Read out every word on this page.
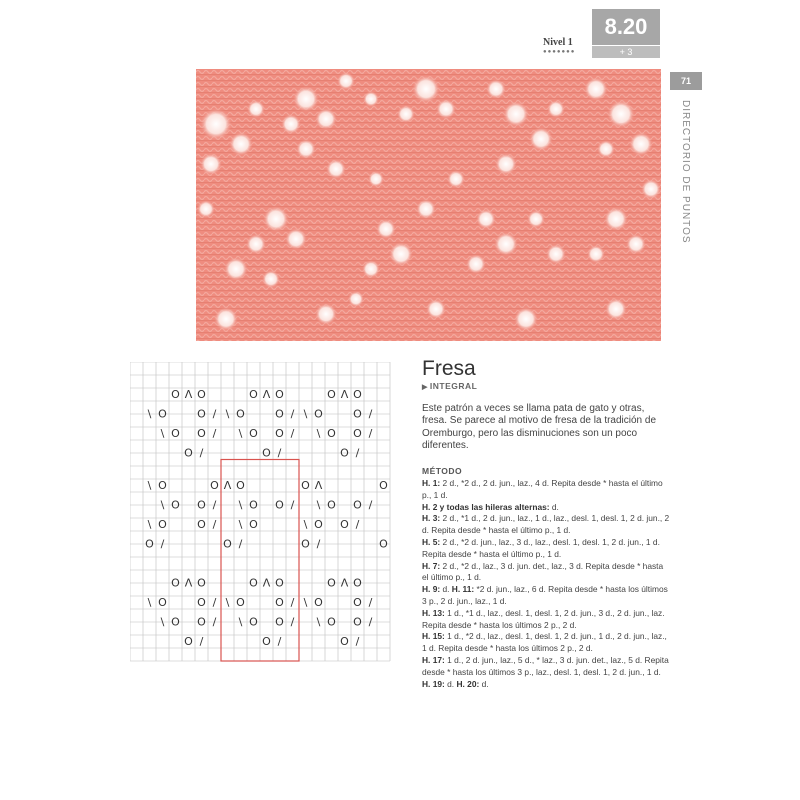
Nivel 1
●●●●●●●
8.20
+ 3
71
DIRECTORIO DE PUNTOS
O Λ O	O Λ O	O Λ O
\ O	O / \ O	O / \ O	O /
\ O O / \ O O / \ O O /
O /	O /	O /
\ O	O Λ O	O Λ	O
\ O O / \ O O / \ O O /
\ O	O / \ O	\ O O /
O /	O /	O /	O
O Λ O	O Λ O	O Λ O
\ O	O / \ O	O / \ O	O /
\ O O / \ O O / \ O O /
O /	O /	O /
Fresa
▶ INTEGRAL
Este patrón a veces se llama pata de gato y otras, fresa. Se parece al motivo de fresa de la tradición de Oremburgo, pero las disminuciones son un poco diferentes.
MÉTODO

H. 1: 2 d., *2 d., 2 d. jun., laz., 4 d. Repita desde * hasta el último p., 1 d.

H. 2 y todas las hileras alternas: d.

H. 3: 2 d., *1 d., 2 d. jun., laz., 1 d., laz., desl. 1, desl. 1, 2 d. jun., 2 d. Repita desde * hasta el último p., 1 d.

H. 5: 2 d., *2 d. jun., laz., 3 d., laz., desl. 1, desl. 1, 2 d. jun., 1 d. Repita desde * hasta el último p., 1 d.

H. 7: 2 d., *2 d., laz., 3 d. jun. det., laz., 3 d. Repita desde * hasta el último p., 1 d.

H. 9: d. H. 11: *2 d. jun., laz., 6 d. Repita desde * hasta los últimos 3 p., 2 d. jun., laz., 1 d.

H. 13: 1 d., *1 d., laz., desl. 1, desl. 1, 2 d. jun., 3 d., 2 d. jun., laz. Repita desde * hasta los últimos 2 p., 2 d.

H. 15: 1 d., *2 d., laz., desl. 1, desl. 1, 2 d. jun., 1 d., 2 d. jun., laz., 1 d. Repita desde * hasta los últimos 2 p., 2 d.

H. 17: 1 d., 2 d. jun., laz., 5 d., * laz., 3 d. jun. det., laz., 5 d. Repita desde * hasta los últimos 3 p., laz., desl. 1, desl. 1, 2 d. jun., 1 d.

H. 19: d. H. 20: d.
